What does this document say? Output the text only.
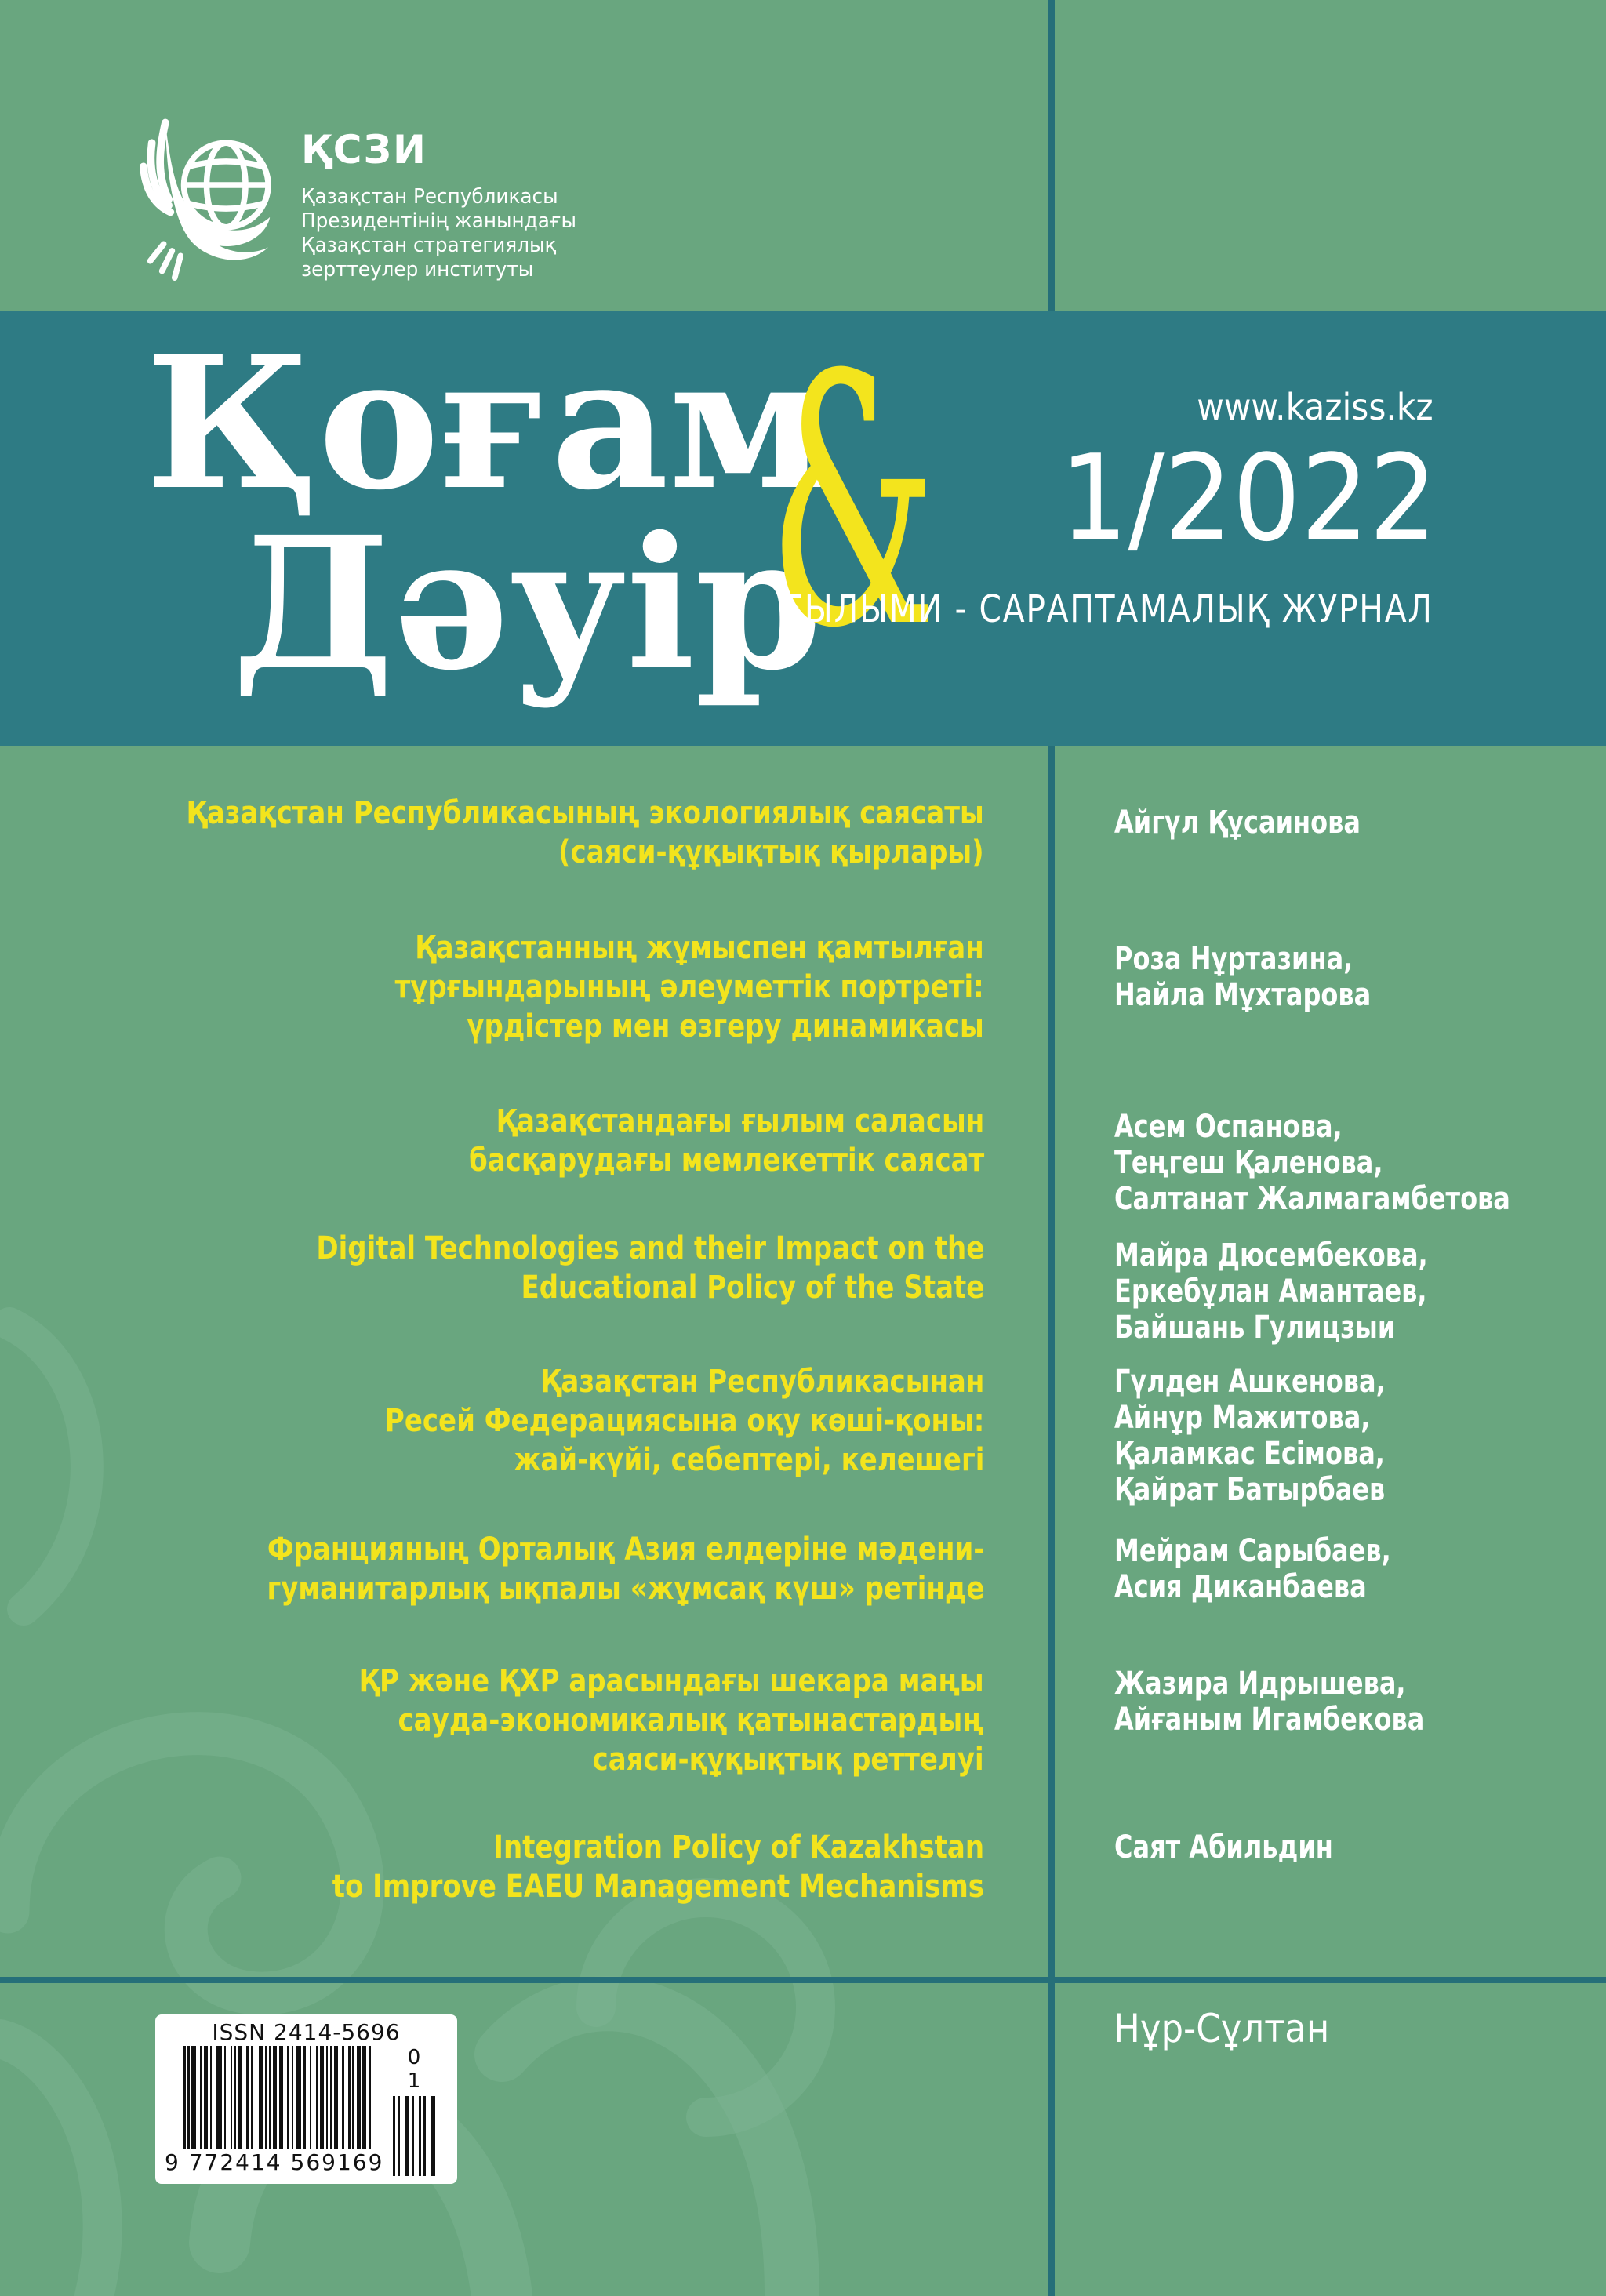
ҚСЗИ
Қазақстан Республикасы
Президентінің жанындағы
Қазақстан стратегиялық
зерттеулер институты
Қоғам
Дәуір
&	www.kaziss.kz
1/2022
ҒЫЛЫМИ - САРАПТАМАЛЫҚ ЖУРНАЛ
Қазақстан Республикасының экологиялық саясаты
(саяси-құқықтық қырлары)
Айгүл Құсаинова
Қазақстанның жұмыспен қамтылған
тұрғындарының әлеуметтік портреті:
үрдістер мен өзгеру динамикасы
Роза Нұртазина,
Найла Мұхтарова
Қазақстандағы ғылым саласын
басқарудағы мемлекеттік саясат
Асем Оспанова,
Теңгеш Қаленова,
Салтанат Жалмагамбетова
Digital Technologies and their Impact on the
Educational Policy of the State
Майра Дюсембекова,
Еркебұлан Амантаев,
Байшань Гулицзыи
Қазақстан Республикасынан
Ресей Федерациясына оқу көші-қоны:
жай-күйі, себептері, келешегі
Гүлден Ашкенова,
Айнұр Мажитова,
Қаламкас Есімова,
Қайрат Батырбаев
Францияның Орталық Азия елдеріне мәдени-
гуманитарлық ықпалы «жұмсақ күш» ретінде
Мейрам Сарыбаев,
Асия Диканбаева
ҚР және ҚХР арасындағы шекара маңы
сауда-экономикалық қатынастардың
саяси-құқықтық реттелуі
Жазира Идрышева,
Айғаным Игамбекова
Integration Policy of Kazakhstan
to Improve EAEU Management Mechanisms
Саят Абильдин
ISSN 2414-5696
9 772414 569169
0 1
Нұр-Сұлтан
